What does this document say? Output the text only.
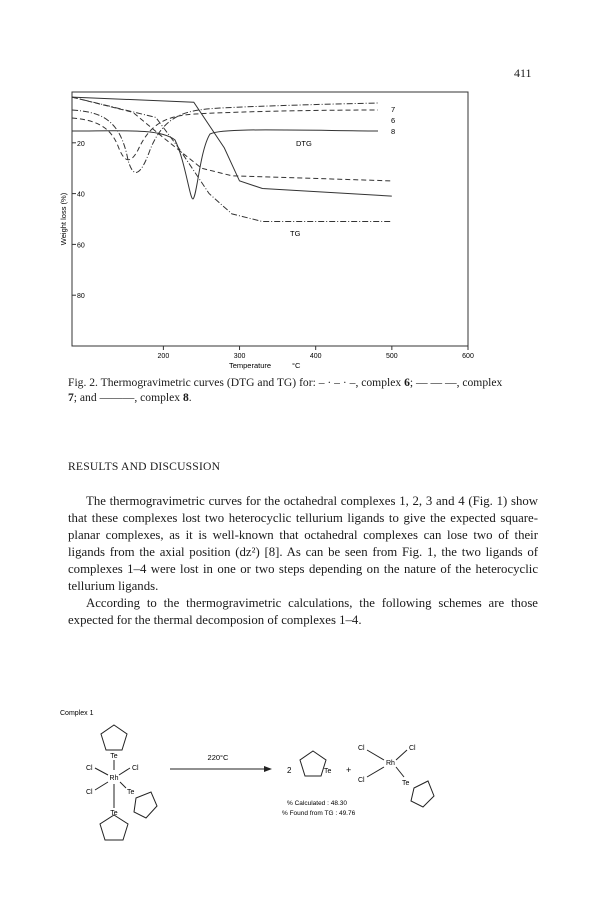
411
200	300	400	500	600
20
40
60
80
Temperature	°C
Weight loss (%)
DTG
TG
7
6
8
Fig. 2. Thermogravimetric curves (DTG and TG) for: – · – · –, complex 6; — — —, complex
7; and ———, complex 8.
RESULTS AND DISCUSSION

The thermogravimetric curves for the octahedral complexes 1, 2, 3 and 4 (Fig. 1) show that these complexes lost two heterocyclic tellurium ligands to give the expected square-planar complexes, as it is well-known that octahedral complexes can lose two of their ligands from the axial position (dz²) [8]. As can be seen from Fig. 1, the two ligands of complexes 1–4 were lost in one or two steps depending on the nature of the heterocyclic tellurium ligands.

According to the thermogravimetric calculations, the following schemes are those expected for the thermal decomposion of complexes 1–4.

Complex 1
Te
Rh
Cl	Cl
Cl	Te
Te
220°C
2	Te +
Cl	Cl
Cl
Rh
Te
% Calculated : 48.30
% Found from TG : 49.76
